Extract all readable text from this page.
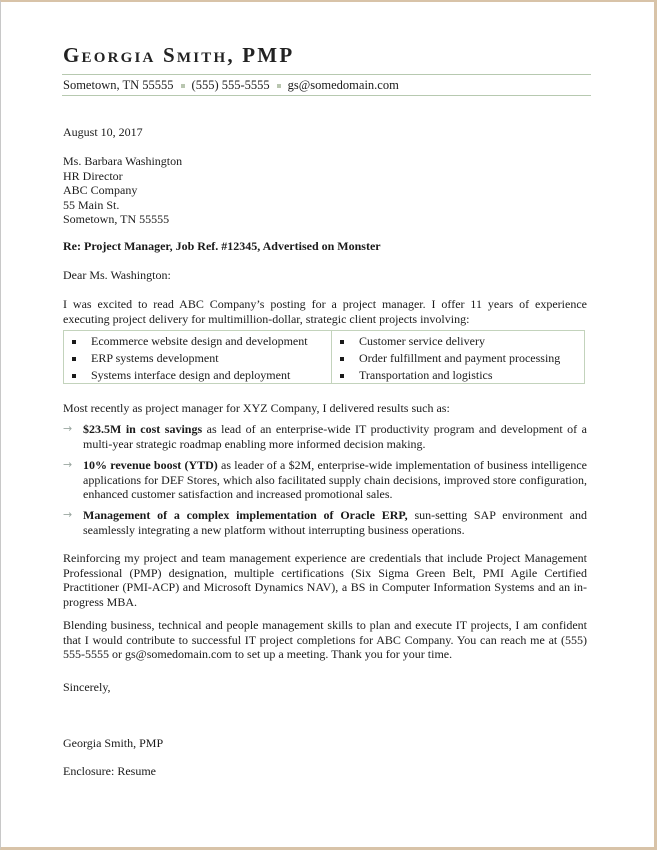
Georgia Smith, PMP
Sometown, TN 55555 (555) 555-5555 gs@somedomain.com
August 10, 2017
Ms. Barbara Washington
HR Director
ABC Company
55 Main St.
Sometown, TN 55555
Re: Project Manager, Job Ref. #12345, Advertised on Monster
Dear Ms. Washington:
I was excited to read ABC Company’s posting for a project manager. I offer 11 years of experience executing project delivery for multimillion-dollar, strategic client projects involving:
Ecommerce website design and development
ERP systems development
Systems interface design and deployment
Customer service delivery
Order fulfillment and payment processing
Transportation and logistics
Most recently as project manager for XYZ Company, I delivered results such as:
→ $23.5M in cost savings as lead of an enterprise-wide IT productivity program and development of a multi-year strategic roadmap enabling more informed decision making.
→ 10% revenue boost (YTD) as leader of a $2M, enterprise-wide implementation of business intelligence applications for DEF Stores, which also facilitated supply chain decisions, improved store configuration, enhanced customer satisfaction and increased promotional sales.
→ Management of a complex implementation of Oracle ERP, sun-setting SAP environment and seamlessly integrating a new platform without interrupting business operations.
Reinforcing my project and team management experience are credentials that include Project Management Professional (PMP) designation, multiple certifications (Six Sigma Green Belt, PMI Agile Certified Practitioner (PMI-ACP) and Microsoft Dynamics NAV), a BS in Computer Information Systems and an in-progress MBA.
Blending business, technical and people management skills to plan and execute IT projects, I am confident that I would contribute to successful IT project completions for ABC Company. You can reach me at (555) 555-5555 or gs@somedomain.com to set up a meeting. Thank you for your time.
Sincerely,
Georgia Smith, PMP
Enclosure: Resume
